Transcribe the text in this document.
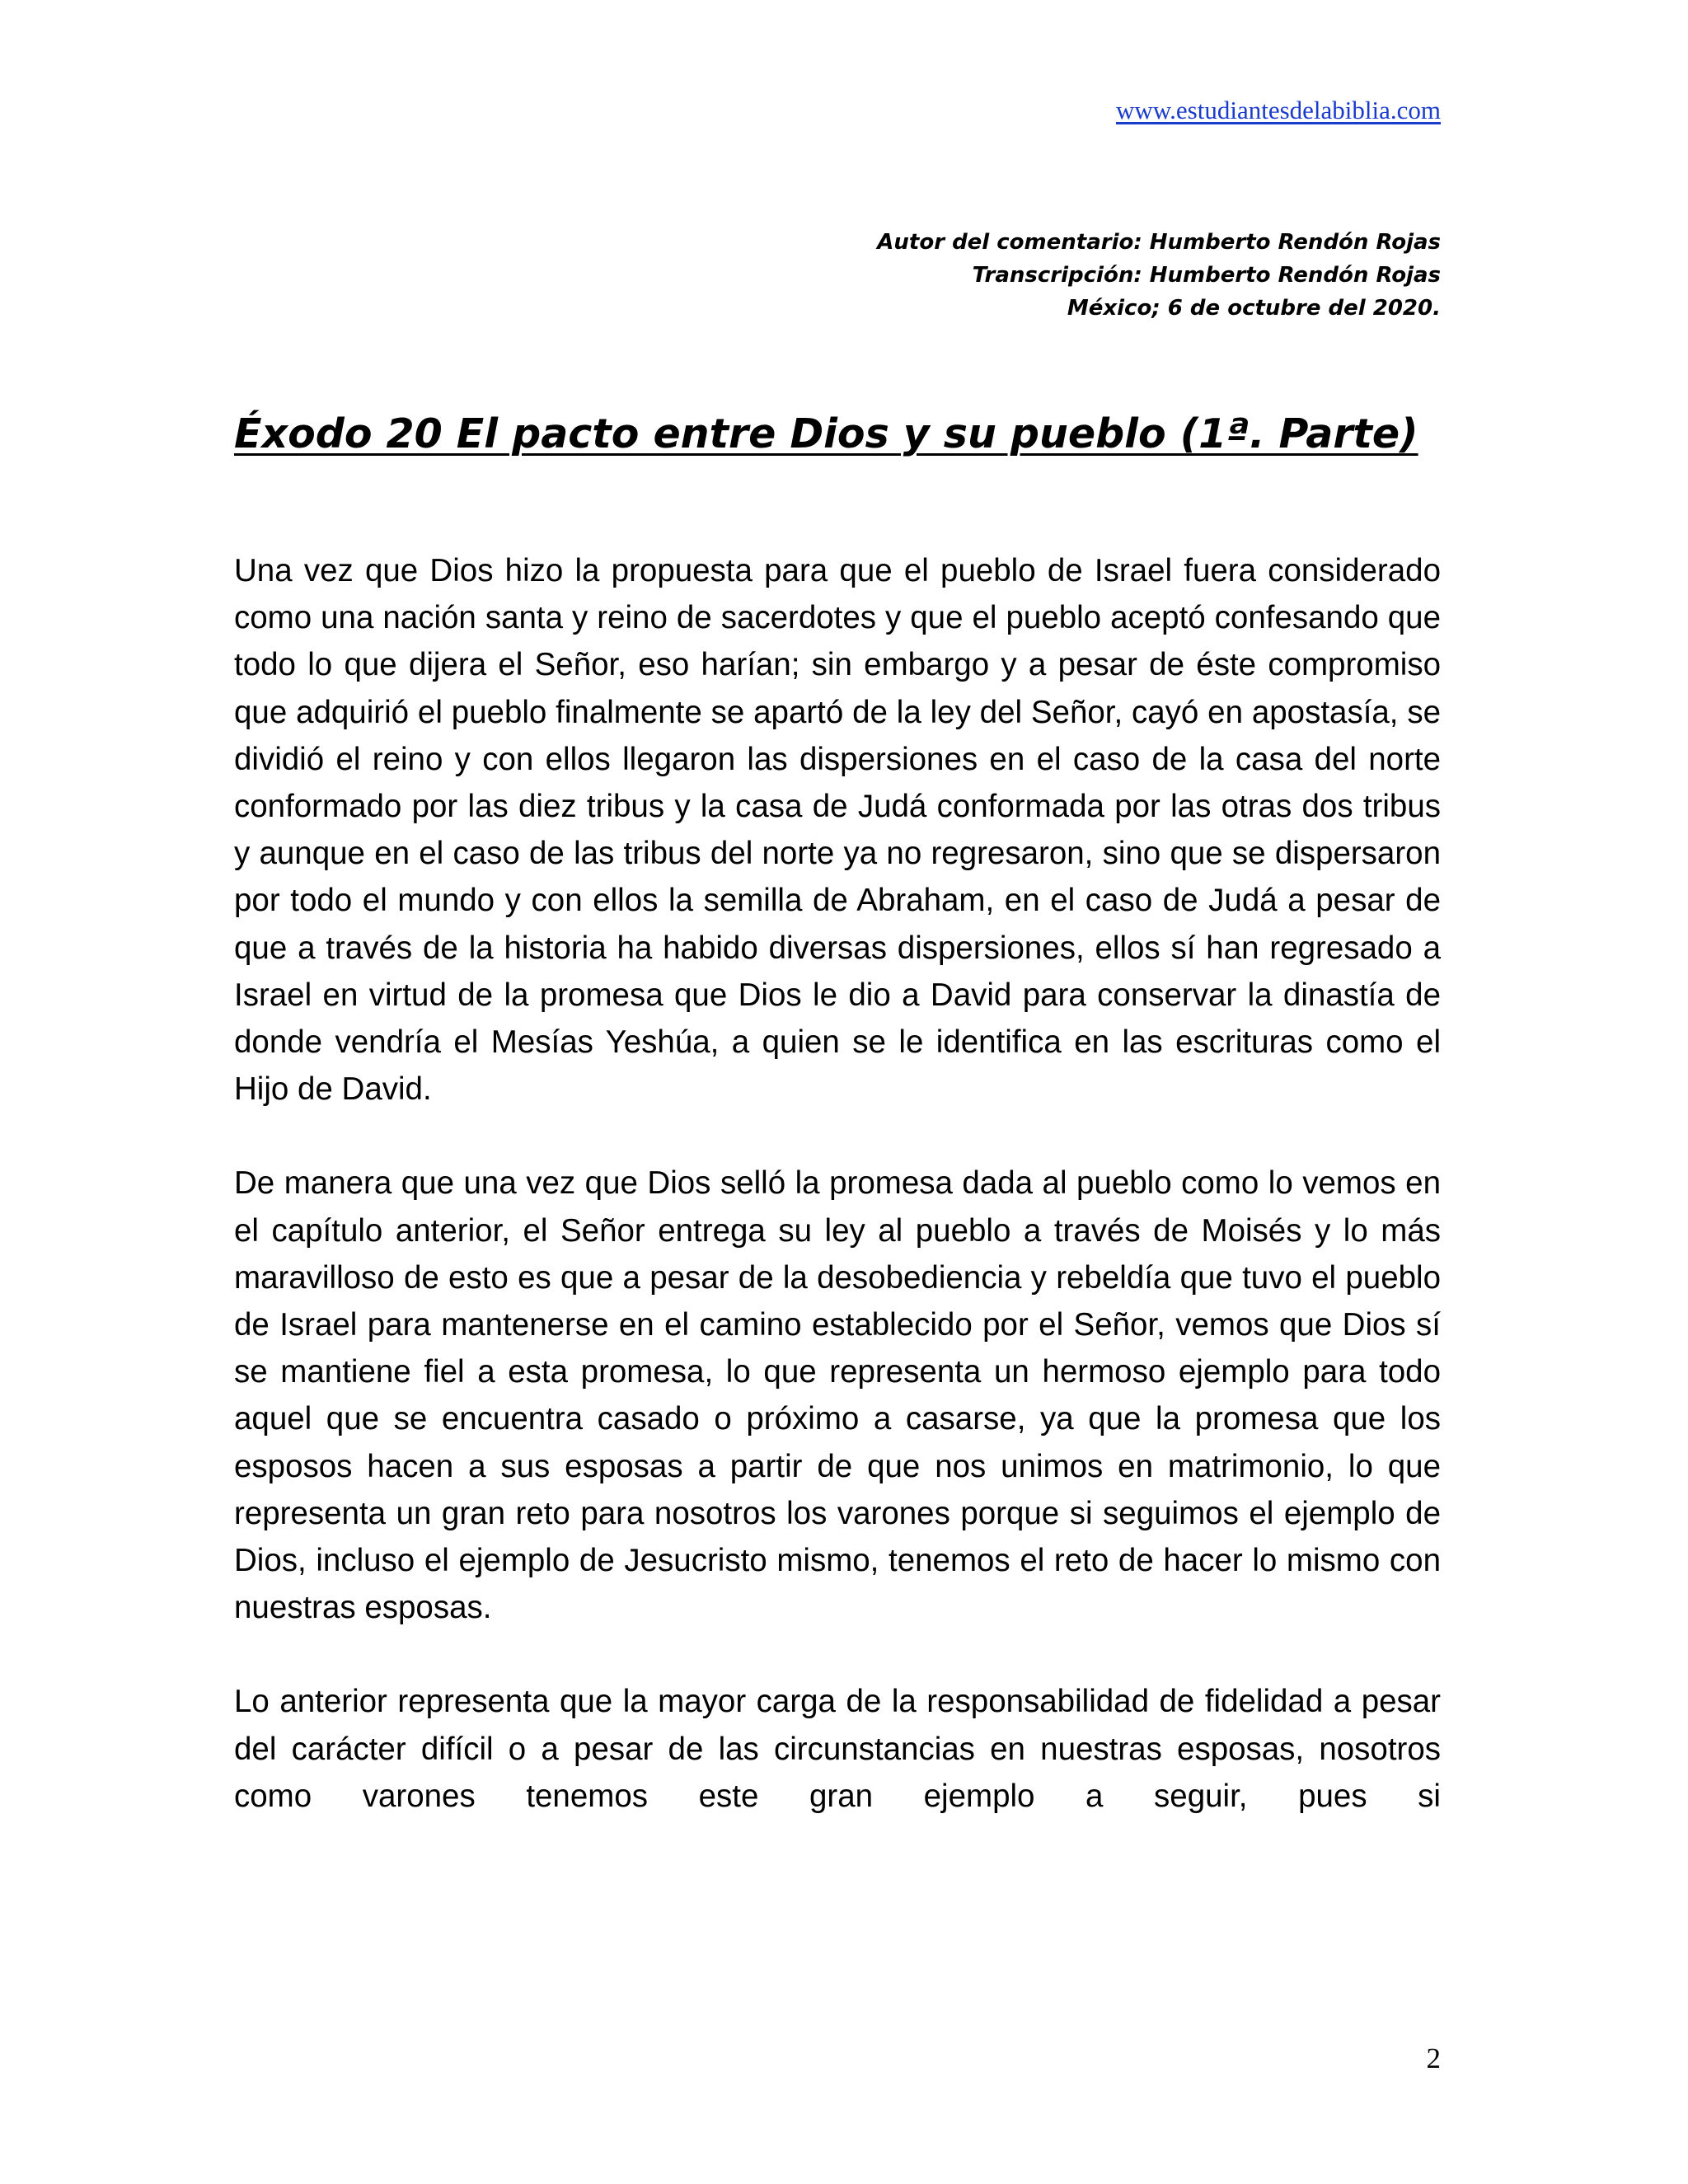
www.estudiantesdelabiblia.com
Autor del comentario: Humberto Rendón Rojas
Transcripción: Humberto Rendón Rojas
México; 6 de octubre del 2020.
Éxodo 20 El pacto entre Dios y su pueblo (1ª. Parte)

Una vez que Dios hizo la propuesta para que el pueblo de Israel fuera considerado como una nación santa y reino de sacerdotes y que el pueblo aceptó confesando que todo lo que dijera el Señor, eso harían; sin embargo y a pesar de éste compromiso que adquirió el pueblo finalmente se apartó de la ley del Señor, cayó en apostasía, se dividió el reino y con ellos llegaron las dispersiones en el caso de la casa del norte conformado por las diez tribus y la casa de Judá conformada por las otras dos tribus y aunque en el caso de las tribus del norte ya no regresaron, sino que se dispersaron por todo el mundo y con ellos la semilla de Abraham, en el caso de Judá a pesar de que a través de la historia ha habido diversas dispersiones, ellos sí han regresado a Israel en virtud de la promesa que Dios le dio a David para conservar la dinastía de donde vendría el Mesías Yeshúa, a quien se le identifica en las escrituras como el Hijo de David.

De manera que una vez que Dios selló la promesa dada al pueblo como lo vemos en el capítulo anterior, el Señor entrega su ley al pueblo a través de Moisés y lo más maravilloso de esto es que a pesar de la desobediencia y rebeldía que tuvo el pueblo de Israel para mantenerse en el camino establecido por el Señor, vemos que Dios sí se mantiene fiel a esta promesa, lo que representa un hermoso ejemplo para todo aquel que se encuentra casado o próximo a casarse, ya que la promesa que los esposos hacen a sus esposas a partir de que nos unimos en matrimonio, lo que representa un gran reto para nosotros los varones porque si seguimos el ejemplo de Dios, incluso el ejemplo de Jesucristo mismo, tenemos el reto de hacer lo mismo con nuestras esposas.

Lo anterior representa que la mayor carga de la responsabilidad de fidelidad a pesar del carácter difícil o a pesar de las circunstancias en nuestras esposas, nosotros como varones tenemos este gran ejemplo a seguir, pues si

2
